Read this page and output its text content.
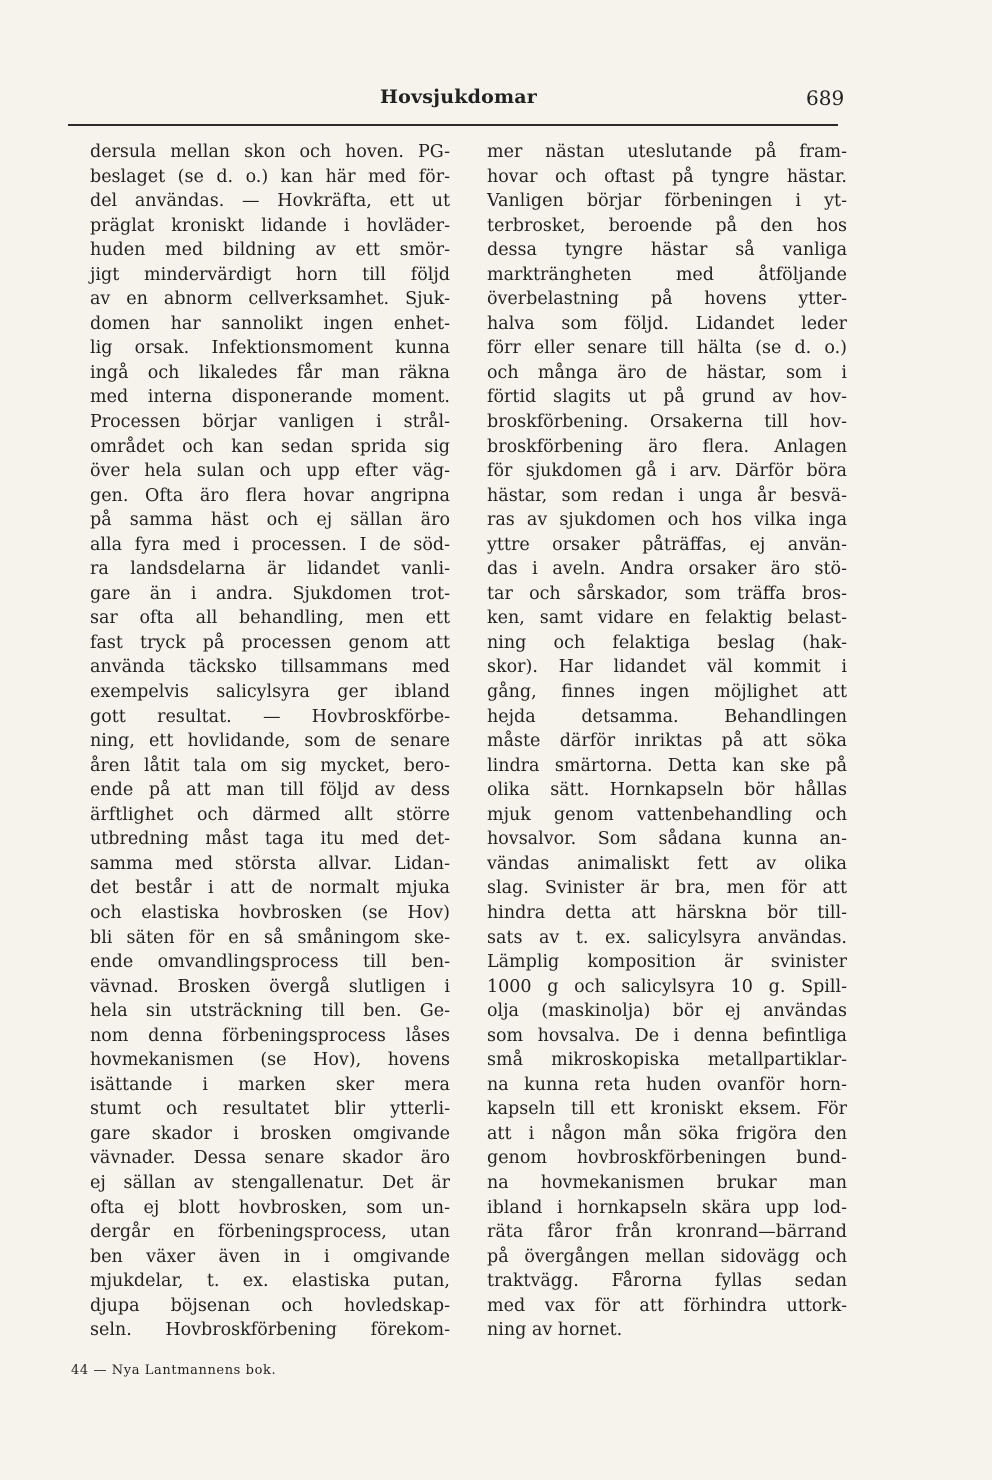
Hovsjukdomar	689
dersula mellan skon och hoven. PG-
beslaget (se d. o.) kan här med för-
del användas. — Hovkräfta, ett ut
präglat kroniskt lidande i hovläder-
huden med bildning av ett smör-
jigt mindervärdigt horn till följd
av en abnorm cellverksamhet. Sjuk-
domen har sannolikt ingen enhet-
lig orsak. Infektionsmoment kunna
ingå och likaledes får man räkna
med interna disponerande moment.
Processen börjar vanligen i strål-
området och kan sedan sprida sig
över hela sulan och upp efter väg-
gen. Ofta äro flera hovar angripna
på samma häst och ej sällan äro
alla fyra med i processen. I de söd-
ra landsdelarna är lidandet vanli-
gare än i andra. Sjukdomen trot-
sar ofta all behandling, men ett
fast tryck på processen genom att
använda täcksko tillsammans med
exempelvis salicylsyra ger ibland
gott resultat. — Hovbroskförbe-
ning, ett hovlidande, som de senare
åren låtit tala om sig mycket, bero-
ende på att man till följd av dess
ärftlighet och därmed allt större
utbredning måst taga itu med det-
samma med största allvar. Lidan-
det består i att de normalt mjuka
och elastiska hovbrosken (se Hov)
bli säten för en så småningom ske-
ende omvandlingsprocess till ben-
vävnad. Brosken övergå slutligen i
hela sin utsträckning till ben. Ge-
nom denna förbeningsprocess låses
hovmekanismen (se Hov), hovens
isättande i marken sker mera
stumt och resultatet blir ytterli-
gare skador i brosken omgivande
vävnader. Dessa senare skador äro
ej sällan av stengallenatur. Det är
ofta ej blott hovbrosken, som un-
dergår en förbeningsprocess, utan
ben växer även in i omgivande
mjukdelar, t. ex. elastiska putan,
djupa böjsenan och hovledskap-
seln. Hovbroskförbening förekom-
mer nästan uteslutande på fram-
hovar och oftast på tyngre hästar.
Vanligen börjar förbeningen i yt-
terbrosket, beroende på den hos
dessa tyngre hästar så vanliga
markträngheten med åtföljande
överbelastning på hovens ytter-
halva som följd. Lidandet leder
förr eller senare till hälta (se d. o.)
och många äro de hästar, som i
förtid slagits ut på grund av hov-
broskförbening. Orsakerna till hov-
broskförbening äro flera. Anlagen
för sjukdomen gå i arv. Därför böra
hästar, som redan i unga år besvä-
ras av sjukdomen och hos vilka inga
yttre orsaker påträffas, ej använ-
das i aveln. Andra orsaker äro stö-
tar och sårskador, som träffa bros-
ken, samt vidare en felaktig belast-
ning och felaktiga beslag (hak-
skor). Har lidandet väl kommit i
gång, finnes ingen möjlighet att
hejda detsamma. Behandlingen
måste därför inriktas på att söka
lindra smärtorna. Detta kan ske på
olika sätt. Hornkapseln bör hållas
mjuk genom vattenbehandling och
hovsalvor. Som sådana kunna an-
vändas animaliskt fett av olika
slag. Svinister är bra, men för att
hindra detta att härskna bör till-
sats av t. ex. salicylsyra användas.
Lämplig komposition är svinister
1000 g och salicylsyra 10 g. Spill-
olja (maskinolja) bör ej användas
som hovsalva. De i denna befintliga
små mikroskopiska metallpartiklar-
na kunna reta huden ovanför horn-
kapseln till ett kroniskt eksem. För
att i någon mån söka frigöra den
genom hovbroskförbeningen bund-
na hovmekanismen brukar man
ibland i hornkapseln skära upp lod-
räta fåror från kronrand—bärrand
på övergången mellan sidovägg och
traktvägg. Fårorna fyllas sedan
med vax för att förhindra uttork-
ning av hornet.
44 — Nya Lantmannens bok.
